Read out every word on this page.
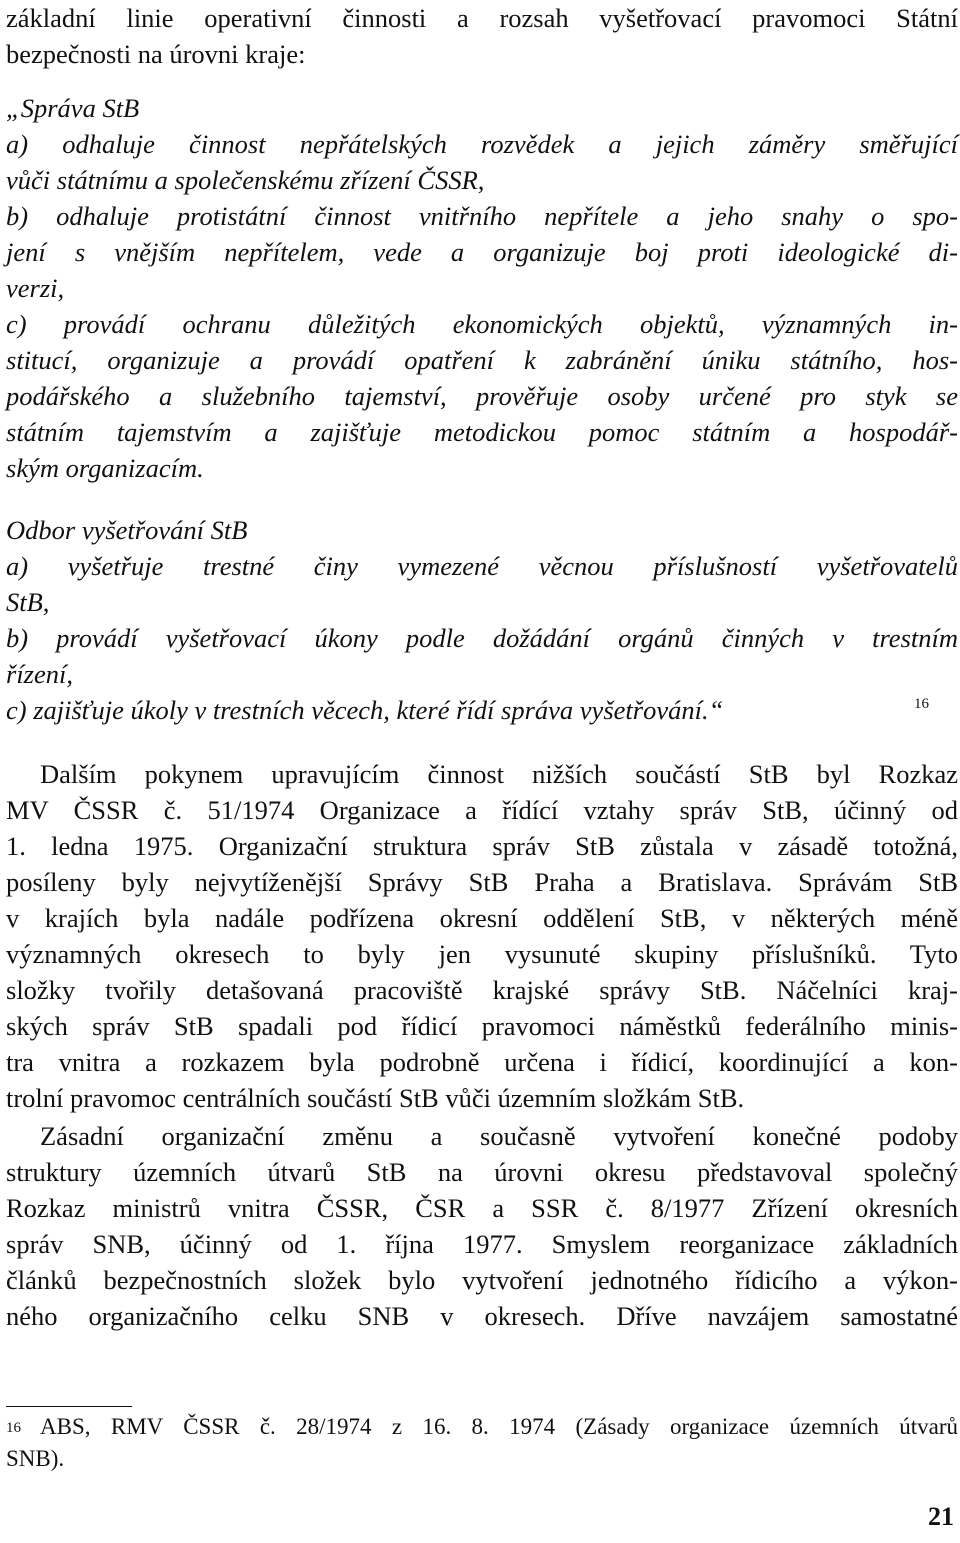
základní linie operativní činnosti a rozsah vyšetřovací pravomoci Státní
bezpečnosti na úrovni kraje:
„Správa StB
a) odhaluje činnost nepřátelských rozvědek a jejich záměry směřující
vůči státnímu a společenskému zřízení ČSSR,
b) odhaluje protistátní činnost vnitřního nepřítele a jeho snahy o spo-
jení s vnějším nepřítelem, vede a organizuje boj proti ideologické di-
verzi,
c) provádí ochranu důležitých ekonomických objektů, významných in-
stitucí, organizuje a provádí opatření k zabránění úniku státního, hos-
podářského a služebního tajemství, prověřuje osoby určené pro styk se
státním tajemstvím a zajišťuje metodickou pomoc státním a hospodář-
ským organizacím.
Odbor vyšetřování StB
a) vyšetřuje trestné činy vymezené věcnou příslušností vyšetřovatelů
StB,
b) provádí vyšetřovací úkony podle dožádání orgánů činných v trestním
řízení,
c) zajišťuje úkoly v trestních věcech, které řídí správa vyšetřování.“	16
Dalším pokynem upravujícím činnost nižších součástí StB byl Rozkaz
MV ČSSR č. 51/1974 Organizace a řídící vztahy správ StB, účinný od
1. ledna 1975. Organizační struktura správ StB zůstala v zásadě totožná,
posíleny byly nejvytíženější Správy StB Praha a Bratislava. Správám StB
v krajích byla nadále podřízena okresní oddělení StB, v některých méně
významných okresech to byly jen vysunuté skupiny příslušníků. Tyto
složky tvořily detašovaná pracoviště krajské správy StB. Náčelníci kraj-
ských správ StB spadali pod řídicí pravomoci náměstků federálního minis-
tra vnitra a rozkazem byla podrobně určena i řídicí, koordinující a kon-
trolní pravomoc centrálních součástí StB vůči územním složkám StB.
Zásadní organizační změnu a současně vytvoření konečné podoby
struktury územních útvarů StB na úrovni okresu představoval společný
Rozkaz ministrů vnitra ČSSR, ČSR a SSR č. 8/1977 Zřízení okresních
správ SNB, účinný od 1. října 1977. Smyslem reorganizace základních
článků bezpečnostních složek bylo vytvoření jednotného řídicího a výkon-
ného organizačního celku SNB v okresech. Dříve navzájem samostatné
16 ABS, RMV ČSSR č. 28/1974 z 16. 8. 1974 (Zásady organizace územních útvarů
SNB).
21
